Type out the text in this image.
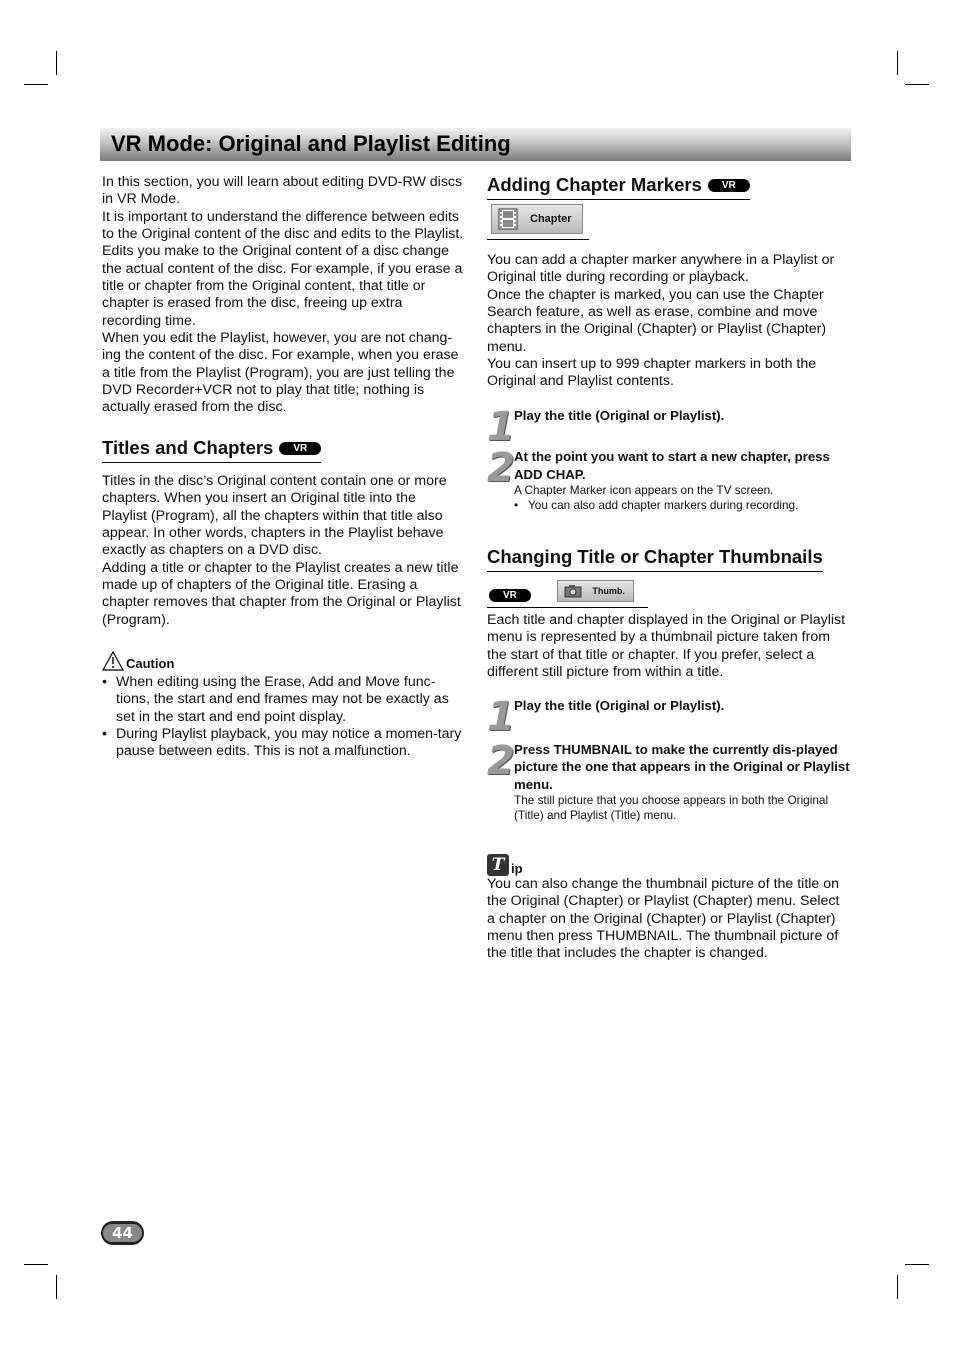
VR Mode: Original and Playlist Editing

In this section, you will learn about editing DVD-RW discs in VR Mode.

It is important to understand the difference between edits to the Original content of the disc and edits to the Playlist. Edits you make to the Original content of a disc change the actual content of the disc. For example, if you erase a title or chapter from the Original content, that title or chapter is erased from the disc, freeing up extra recording time.

When you edit the Playlist, however, you are not chang-ing the content of the disc. For example, when you erase a title from the Playlist (Program), you are just telling the DVD Recorder+VCR not to play that title; nothing is actually erased from the disc.

Titles and Chapters VR

Titles in the disc’s Original content contain one or more chapters. When you insert an Original title into the Playlist (Program), all the chapters within that title also appear. In other words, chapters in the Playlist behave exactly as chapters on a DVD disc.

Adding a title or chapter to the Playlist creates a new title made up of chapters of the Original title. Erasing a chapter removes that chapter from the Original or Playlist (Program).

Caution
• When editing using the Erase, Add and Move func-tions, the start and end frames may not be exactly as set in the start and end point display.
• During Playlist playback, you may notice a momen-tary pause between edits. This is not a malfunction.
Adding Chapter Markers VR
Chapter

You can add a chapter marker anywhere in a Playlist or Original title during recording or playback.

Once the chapter is marked, you can use the Chapter Search feature, as well as erase, combine and move chapters in the Original (Chapter) or Playlist (Chapter) menu.

You can insert up to 999 chapter markers in both the Original and Playlist contents.

1 Play the title (Original or Playlist).
2 At the point you want to start a new chapter, press ADD CHAP.
A Chapter Marker icon appears on the TV screen.
• You can also add chapter markers during recording.
Changing Title or Chapter Thumbnails
VR	Thumb.

Each title and chapter displayed in the Original or Playlist menu is represented by a thumbnail picture taken from the start of that title or chapter. If you prefer, select a different still picture from within a title.

1 Play the title (Original or Playlist).
2 Press THUMBNAIL to make the currently dis-played picture the one that appears in the Original or Playlist menu.
The still picture that you choose appears in both the Original (Title) and Playlist (Title) menu.
T ip

You can also change the thumbnail picture of the title on the Original (Chapter) or Playlist (Chapter) menu. Select a chapter on the Original (Chapter) or Playlist (Chapter) menu then press THUMBNAIL. The thumbnail picture of the title that includes the chapter is changed.

44
